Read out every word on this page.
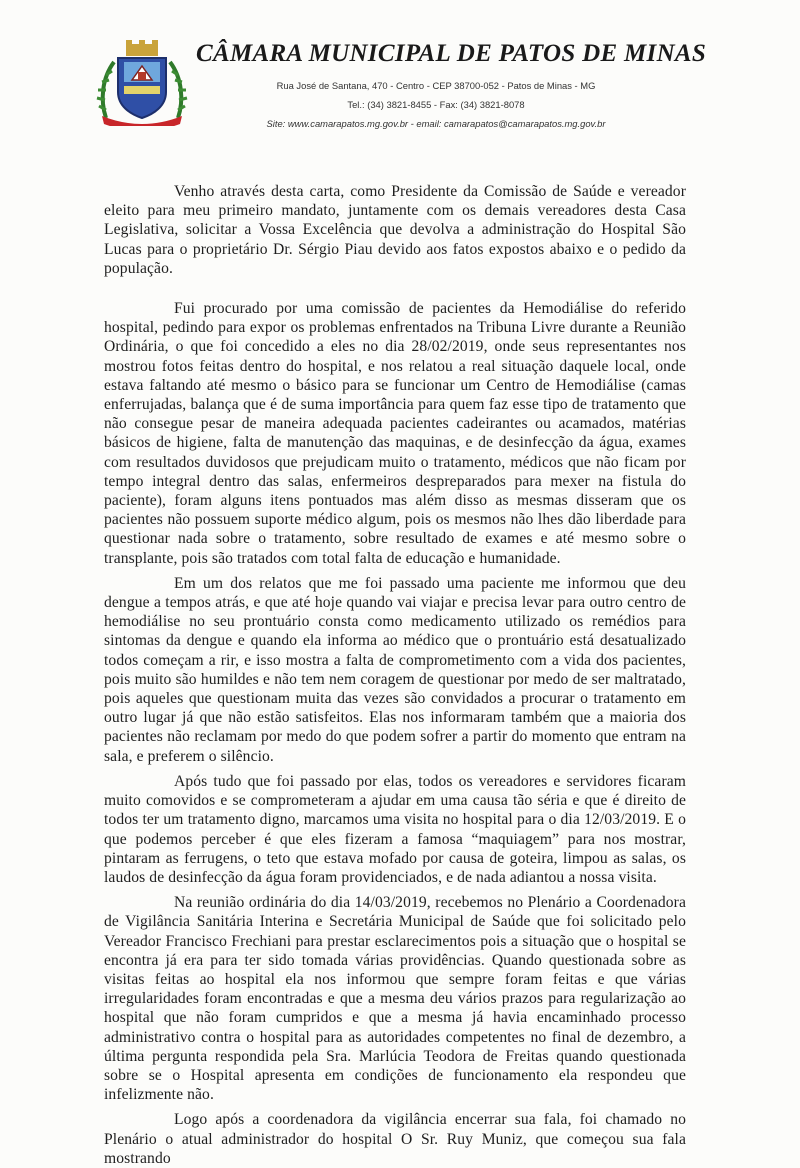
CÂMARA MUNICIPAL DE PATOS DE MINAS

Rua José de Santana, 470 - Centro - CEP 38700-052 - Patos de Minas - MG

Tel.: (34) 3821-8455 - Fax: (34) 3821-8078

Site: www.camarapatos.mg.gov.br - email: camarapatos@camarapatos.mg.gov.br

Venho através desta carta, como Presidente da Comissão de Saúde e vereador eleito para meu primeiro mandato, juntamente com os demais vereadores desta Casa Legislativa, solicitar a Vossa Excelência que devolva a administração do Hospital São Lucas para o proprietário Dr. Sérgio Piau devido aos fatos expostos abaixo e o pedido da população.

Fui procurado por uma comissão de pacientes da Hemodiálise do referido hospital, pedindo para expor os problemas enfrentados na Tribuna Livre durante a Reunião Ordinária, o que foi concedido a eles no dia 28/02/2019, onde seus representantes nos mostrou fotos feitas dentro do hospital, e nos relatou a real situação daquele local, onde estava faltando até mesmo o básico para se funcionar um Centro de Hemodiálise (camas enferrujadas, balança que é de suma importância para quem faz esse tipo de tratamento que não consegue pesar de maneira adequada pacientes cadeirantes ou acamados, matérias básicos de higiene, falta de manutenção das maquinas, e de desinfecção da água, exames com resultados duvidosos que prejudicam muito o tratamento, médicos que não ficam por tempo integral dentro das salas, enfermeiros despreparados para mexer na fistula do paciente), foram alguns itens pontuados mas além disso as mesmas disseram que os pacientes não possuem suporte médico algum, pois os mesmos não lhes dão liberdade para questionar nada sobre o tratamento, sobre resultado de exames e até mesmo sobre o transplante, pois são tratados com total falta de educação e humanidade.

Em um dos relatos que me foi passado uma paciente me informou que deu dengue a tempos atrás, e que até hoje quando vai viajar e precisa levar para outro centro de hemodiálise no seu prontuário consta como medicamento utilizado os remédios para sintomas da dengue e quando ela informa ao médico que o prontuário está desatualizado todos começam a rir, e isso mostra a falta de comprometimento com a vida dos pacientes, pois muito são humildes e não tem nem coragem de questionar por medo de ser maltratado, pois aqueles que questionam muita das vezes são convidados a procurar o tratamento em outro lugar já que não estão satisfeitos. Elas nos informaram também que a maioria dos pacientes não reclamam por medo do que podem sofrer a partir do momento que entram na sala, e preferem o silêncio.

Após tudo que foi passado por elas, todos os vereadores e servidores ficaram muito comovidos e se comprometeram a ajudar em uma causa tão séria e que é direito de todos ter um tratamento digno, marcamos uma visita no hospital para o dia 12/03/2019. E o que podemos perceber é que eles fizeram a famosa “maquiagem” para nos mostrar, pintaram as ferrugens, o teto que estava mofado por causa de goteira, limpou as salas, os laudos de desinfecção da água foram providenciados, e de nada adiantou a nossa visita.

Na reunião ordinária do dia 14/03/2019, recebemos no Plenário a Coordenadora de Vigilância Sanitária Interina e Secretária Municipal de Saúde que foi solicitado pelo Vereador Francisco Frechiani para prestar esclarecimentos pois a situação que o hospital se encontra já era para ter sido tomada várias providências. Quando questionada sobre as visitas feitas ao hospital ela nos informou que sempre foram feitas e que várias irregularidades foram encontradas e que a mesma deu vários prazos para regularização ao hospital que não foram cumpridos e que a mesma já havia encaminhado processo administrativo contra o hospital para as autoridades competentes no final de dezembro, a última pergunta respondida pela Sra. Marlúcia Teodora de Freitas quando questionada sobre se o Hospital apresenta em condições de funcionamento ela respondeu que infelizmente não.

Logo após a coordenadora da vigilância encerrar sua fala, foi chamado no Plenário o atual administrador do hospital O Sr. Ruy Muniz, que começou sua fala mostrando
